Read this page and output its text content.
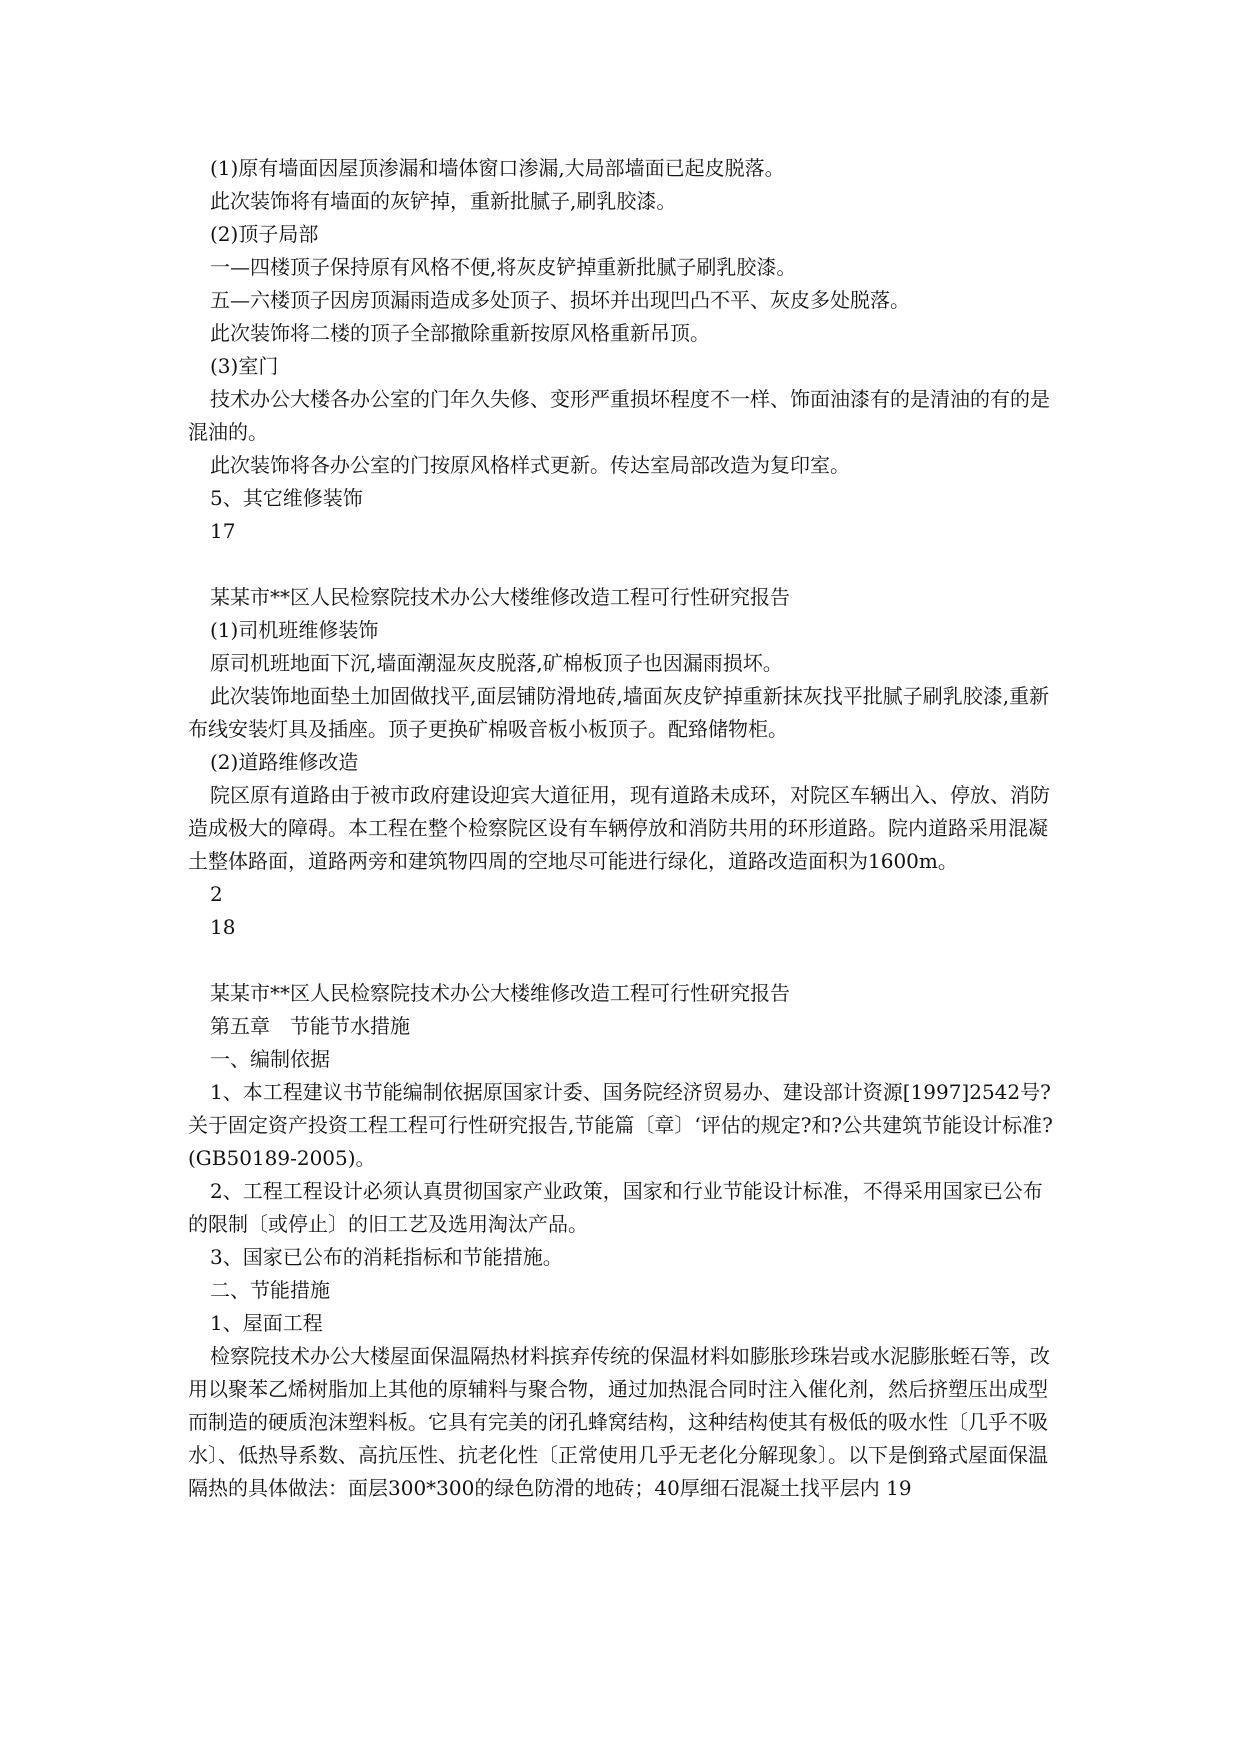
(1)原有墙面因屋顶渗漏和墙体窗口渗漏,大局部墙面已起皮脱落。

此次装饰将有墙面的灰铲掉，重新批腻子,刷乳胶漆。

(2)顶子局部

一—四楼顶子保持原有风格不便,将灰皮铲掉重新批腻子刷乳胶漆。

五—六楼顶子因房顶漏雨造成多处顶子、损坏并出现凹凸不平、灰皮多处脱落。

此次装饰将二楼的顶子全部撤除重新按原风格重新吊顶。

(3)室门

技术办公大楼各办公室的门年久失修、变形严重损坏程度不一样、饰面油漆有的是清油的有的是混油的。

此次装饰将各办公室的门按原风格样式更新。传达室局部改造为复印室。

5、其它维修装饰

17

某某市**区人民检察院技术办公大楼维修改造工程可行性研究报告

(1)司机班维修装饰

原司机班地面下沉,墙面潮湿灰皮脱落,矿棉板顶子也因漏雨损坏。

此次装饰地面垫土加固做找平,面层铺防滑地砖,墙面灰皮铲掉重新抹灰找平批腻子刷乳胶漆,重新布线安装灯具及插座。顶子更换矿棉吸音板小板顶子。配臵储物柜。

(2)道路维修改造

院区原有道路由于被市政府建设迎宾大道征用，现有道路未成环，对院区车辆出入、停放、消防造成极大的障碍。本工程在整个检察院区设有车辆停放和消防共用的环形道路。院内道路采用混凝土整体路面，道路两旁和建筑物四周的空地尽可能进行绿化，道路改造面积为1600m。

2

18

某某市**区人民检察院技术办公大楼维修改造工程可行性研究报告

第五章　节能节水措施

一、编制依据

1、本工程建议书节能编制依据原国家计委、国务院经济贸易办、建设部计资源[1997]2542号?关于固定资产投资工程工程可行性研究报告,节能篇〔章〕‘评估的规定?和?公共建筑节能设计标准?(GB50189-2005)。

2、工程工程设计必须认真贯彻国家产业政策，国家和行业节能设计标准，不得采用国家已公布的限制〔或停止〕的旧工艺及选用淘汰产品。

3、国家已公布的消耗指标和节能措施。

二、节能措施

1、屋面工程

检察院技术办公大楼屋面保温隔热材料摈弃传统的保温材料如膨胀珍珠岩或水泥膨胀蛭石等，改用以聚苯乙烯树脂加上其他的原辅料与聚合物，通过加热混合同时注入催化剂，然后挤塑压出成型而制造的硬质泡沫塑料板。它具有完美的闭孔蜂窝结构，这种结构使其有极低的吸水性〔几乎不吸水〕、低热导系数、高抗压性、抗老化性〔正常使用几乎无老化分解现象〕。以下是倒臵式屋面保温隔热的具体做法：面层300*300的绿色防滑的地砖；40厚细石混凝土找平层内 19
